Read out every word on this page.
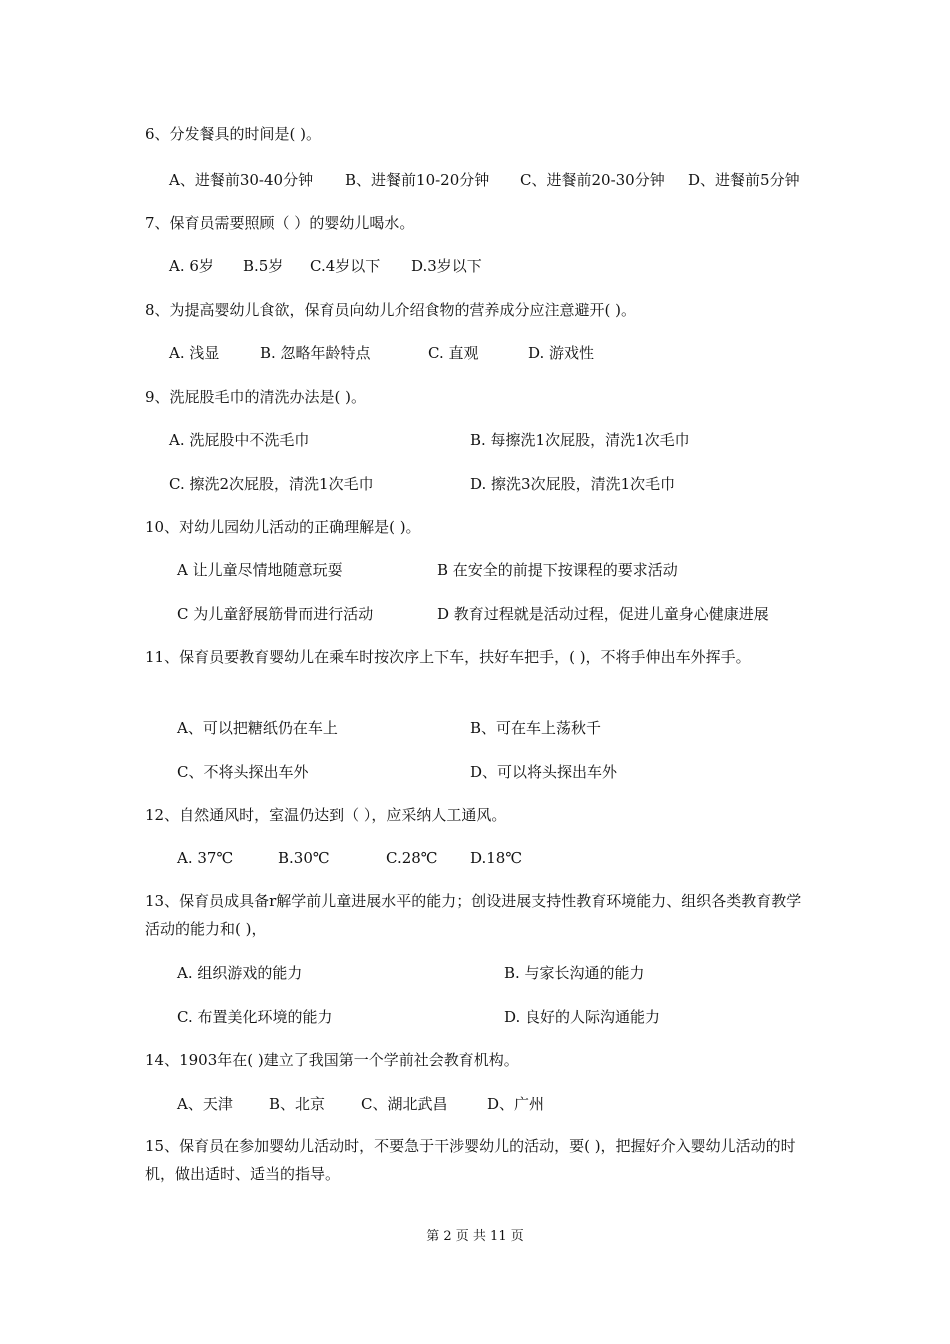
6、分发餐具的时间是( )。
A、进餐前30-40分钟 B、进餐前10-20分钟 C、进餐前20-30分钟 D、进餐前5分钟
7、保育员需要照顾（ ）的婴幼儿喝水。
A. 6岁 B.5岁 C.4岁以下 D.3岁以下
8、为提高婴幼儿食欲，保育员向幼儿介绍食物的营养成分应注意避开( )。
A. 浅显	B. 忽略年龄特点	C. 直观	D. 游戏性
9、洗屁股毛巾的清洗办法是( )。
A. 洗屁股中不洗毛巾	B. 每擦洗1次屁股，清洗1次毛巾
C. 擦洗2次屁股，清洗1次毛巾	D. 擦洗3次屁股，清洗1次毛巾
10、对幼儿园幼儿活动的正确理解是( )。
A 让儿童尽情地随意玩耍	B 在安全的前提下按课程的要求活动
C 为儿童舒展筋骨而进行活动	D 教育过程就是活动过程，促进儿童身心健康进展
11、保育员要教育婴幼儿在乘车时按次序上下车，扶好车把手，( )，不将手伸出车外挥手。
A、可以把糖纸仍在车上	B、可在车上荡秋千
C、不将头探出车外	D、可以将头探出车外
12、自然通风时，室温仍达到（ ），应采纳人工通风。
A. 37℃	B.30℃	C.28℃ D.18℃
13、保育员成具备r解学前儿童进展水平的能力；创设进展支持性教育环境能力、组织各类教育教学活动的能力和( )，
A. 组织游戏的能力	B. 与家长沟通的能力
C. 布置美化环境的能力	D. 良好的人际沟通能力
14、1903年在( )建立了我国第一个学前社会教育机构。
A、天津 B、北京 C、湖北武昌	D、广州
15、保育员在参加婴幼儿活动时，不要急于干涉婴幼儿的活动，要( )，把握好介入婴幼儿活动的时机，做出适时、适当的指导。
第 2 页 共 11 页
